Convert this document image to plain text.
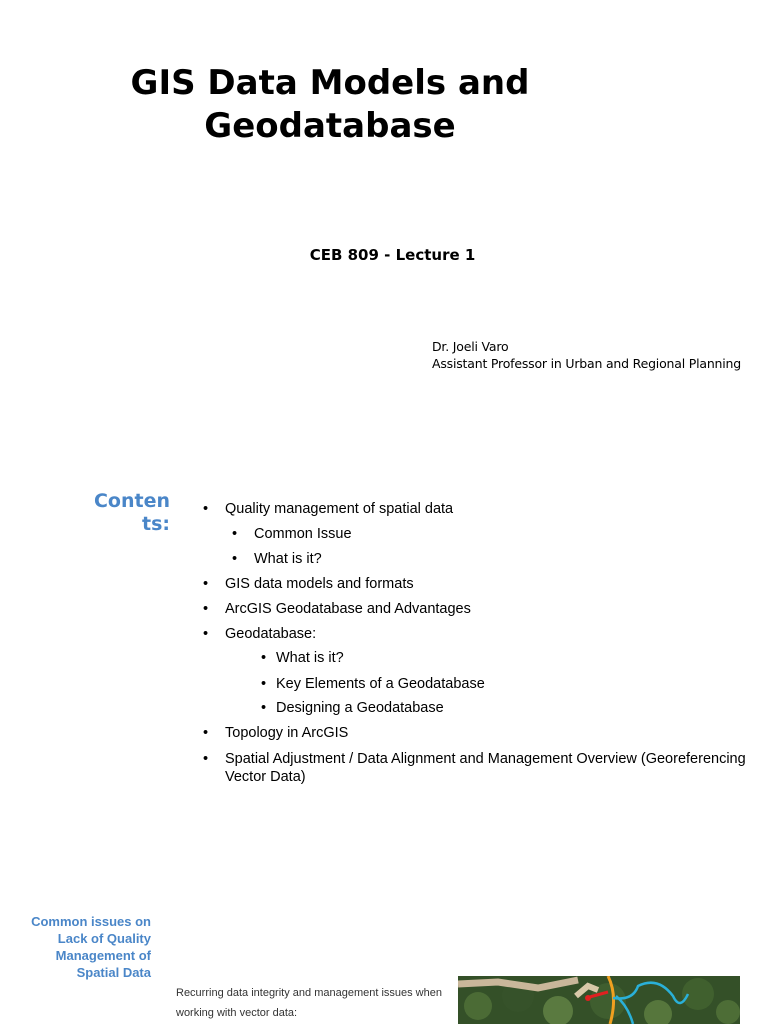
GIS Data Models and
Geodatabase
CEB 809 - Lecture 1
Dr. Joeli Varo
Assistant Professor in Urban and Regional Planning
Conten
ts:
• Quality management of spatial data
• Common Issue
• What is it?
• GIS data models and formats
• ArcGIS Geodatabase and Advantages
• Geodatabase:
• What is it?
• Key Elements of a Geodatabase
• Designing a Geodatabase
• Topology in ArcGIS
• Spatial Adjustment / Data Alignment and Management Overview (Georeferencing Vector Data)
Common issues on Lack of Quality Management of Spatial Data
Recurring data integrity and management issues when working with vector data:
